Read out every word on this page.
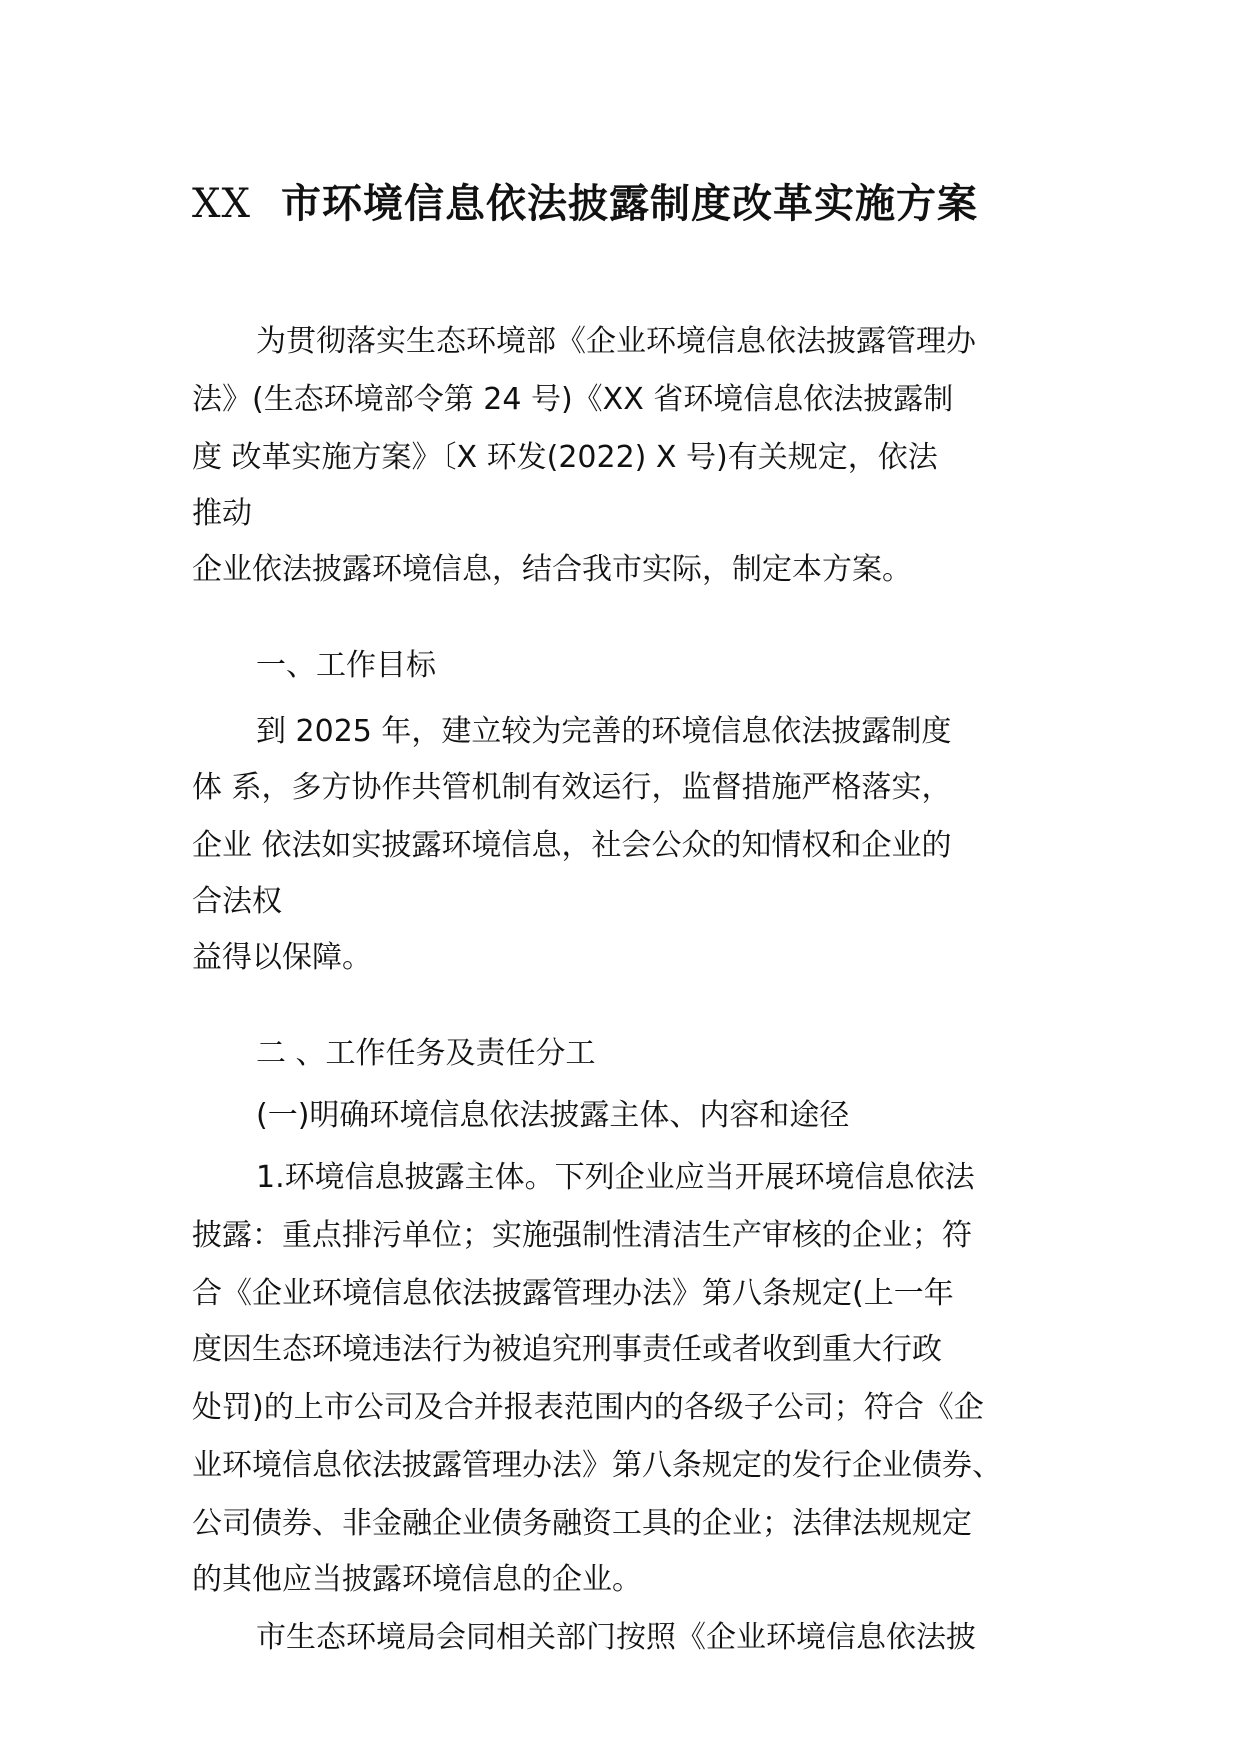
XX 市环境信息依法披露制度改革实施方案
为贯彻落实生态环境部《企业环境信息依法披露管理办
法》(生态环境部令第 24 号)《XX 省环境信息依法披露制
度 改革实施方案》〔X 环发(2022) X 号)有关规定，依法
推动
企业依法披露环境信息，结合我市实际，制定本方案。
一、工作目标
到 2025 年，建立较为完善的环境信息依法披露制度
体 系，多方协作共管机制有效运行，监督措施严格落实，
企业 依法如实披露环境信息，社会公众的知情权和企业的
合法权
益得以保障。
二 、工作任务及责任分工
(一)明确环境信息依法披露主体、内容和途径
1.环境信息披露主体。下列企业应当开展环境信息依法
披露：重点排污单位；实施强制性清洁生产审核的企业；符
合《企业环境信息依法披露管理办法》第八条规定(上一年
度因生态环境违法行为被追究刑事责任或者收到重大行政
处罚)的上市公司及合并报表范围内的各级子公司；符合《企
业环境信息依法披露管理办法》第八条规定的发行企业债券、
公司债券、非金融企业债务融资工具的企业；法律法规规定
的其他应当披露环境信息的企业。
市生态环境局会同相关部门按照《企业环境信息依法披
